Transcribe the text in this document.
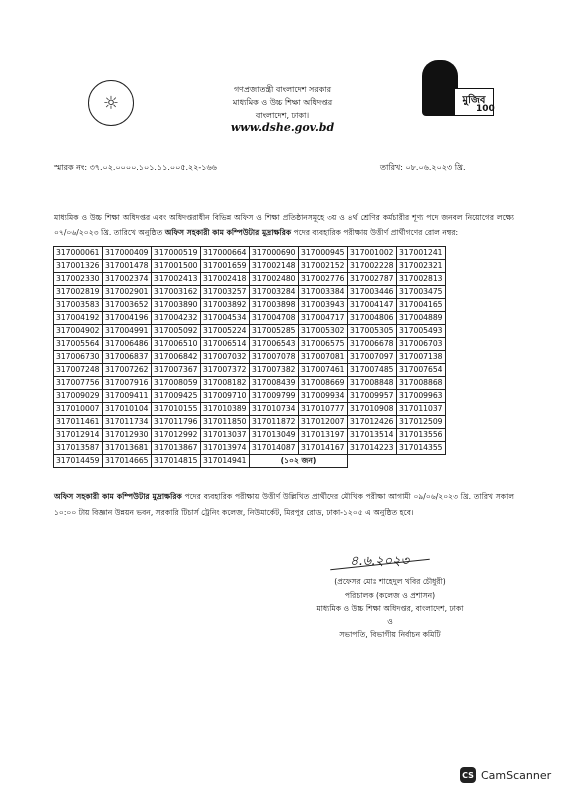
☼
গণপ্রজাতন্ত্রী বাংলাদেশ সরকার
মাধ্যমিক ও উচ্চ শিক্ষা অধিদপ্তর
বাংলাদেশ, ঢাকা।
www.dshe.gov.bd
মুজিব
100
স্মারক নং: ৩৭.০২.০০০০.১০১.১১.০০৫.২২-১৬৬	তারিখ: ০৮.০৬.২০২৩ খ্রি.
মাধ্যমিক ও উচ্চ শিক্ষা অধিদপ্তর এবং অধিদপ্তরাধীন বিভিন্ন অফিস ও শিক্ষা প্রতিষ্ঠানসমূহে ৩য় ও ৪র্থ শ্রেণির কর্মচারীর শূণ্য পদে জনবল নিয়োগের লক্ষ্যে ০৭/০৬/২০২৩ খ্রি. তারিখে অনুষ্ঠিত অফিস সহকারী কাম কম্পিউটার মুদ্রাক্ষরিক পদের ব্যবহারিক পরীক্ষায় উত্তীর্ণ প্রার্থীগণের রোল নম্বর:
317000061	317000409	317000519	317000664	317000690	317000945	317001002	317001241
317001326	317001478	317001500	317001659	317002148	317002152	317002228	317002321
317002330	317002374	317002413	317002418	317002480	317002776	317002787	317002813
317002819	317002901	317003162	317003257	317003284	317003384	317003446	317003475
317003583	317003652	317003890	317003892	317003898	317003943	317004147	317004165
317004192	317004196	317004232	317004534	317004708	317004717	317004806	317004889
317004902	317004991	317005092	317005224	317005285	317005302	317005305	317005493
317005564	317006486	317006510	317006514	317006543	317006575	317006678	317006703
317006730	317006837	317006842	317007032	317007078	317007081	317007097	317007138
317007248	317007262	317007367	317007372	317007382	317007461	317007485	317007654
317007756	317007916	317008059	317008182	317008439	317008669	317008848	317008868
317009029	317009411	317009425	317009710	317009799	317009934	317009957	317009963
317010007	317010104	317010155	317010389	317010734	317010777	317010908	317011037
317011461	317011734	317011796	317011850	317011872	317012007	317012426	317012509
317012914	317012930	317012992	317013037	317013049	317013197	317013514	317013556
317013587	317013681	317013867	317013974	317014087	317014167	317014223	317014355
317014459	317014665	317014815	317014941	(১০২ জন)			
অফিস সহকারী কাম কম্পিউটার মুদ্রাক্ষরিক পদের ব্যবহারিক পরীক্ষায় উত্তীর্ণ উল্লিখিত প্রার্থীদের মৌখিক পরীক্ষা আগামী ০৯/০৬/২০২৩ খ্রি. তারিখ সকাল ১০:০০ টায় বিজ্ঞান উন্নয়ন ভবন, সরকারি টিচার্স ট্রেনিং কলেজ, নিউমার্কেট, মিরপুর রোড, ঢাকা-১২০৫ এ অনুষ্ঠিত হবে।
৪.৬.২০২৩
(প্রফেসর মোঃ শাহেদুল খবির চৌধুরী)
পরিচালক (কলেজ ও প্রশাসন)
মাধ্যমিক ও উচ্চ শিক্ষা অধিদপ্তর, বাংলাদেশ, ঢাকা
ও
সভাপতি, বিভাগীয় নির্বাচন কমিটি
CS CamScanner
